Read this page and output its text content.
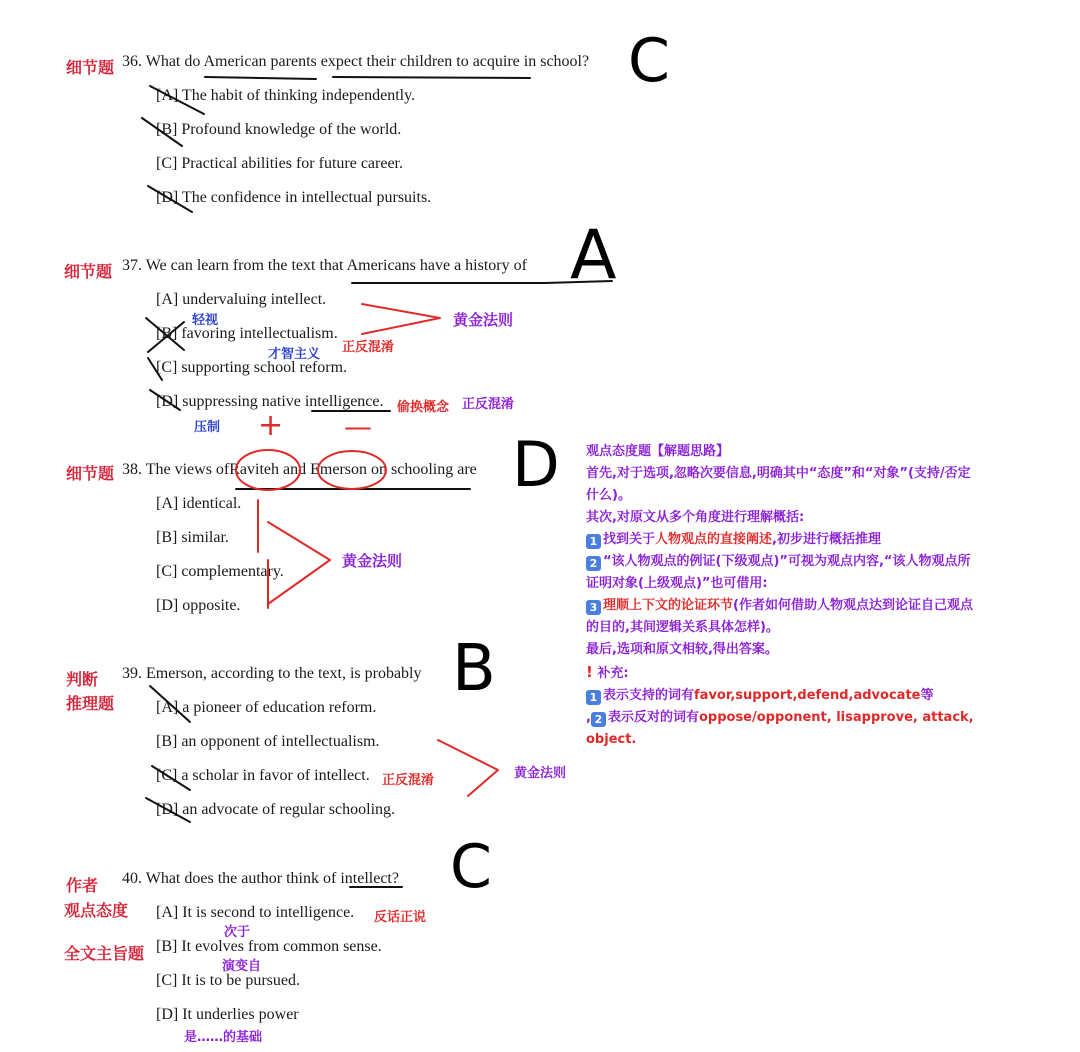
细节题 36. What do American parents expect their children to acquire in school? C
[A] The habit of thinking independently.
[B] Profound knowledge of the world.
[C] Practical abilities for future career.
[D] The confidence in intellectual pursuits.
细节题 37. We can learn from the text that Americans have a history of A
[A] undervaluing intellect.
[B] favoring intellectualism.
[C] supporting school reform.
[D] suppressing native intelligence.
轻视
才智主义 正反混淆
黄金法则
偷换概念 正反混淆
压制
细节题 38. The views ofRaviteh and Emerson on schooling are D
+ —
[A] identical.
[B] similar.
[C] complementary.
[D] opposite.
黄金法则
判断
推理题
39. Emerson, according to the text, is probably B
[A] a pioneer of education reform.
[B] an opponent of intellectualism.
[C] a scholar in favor of intellect.
[D] an advocate of regular schooling.
正反混淆	黄金法则
作者
观点态度
全文主旨题
40. What does the author think of intellect? C
[A] It is second to intelligence.
[B] It evolves from common sense.
[C] It is to be pursued.
[D] It underlies power
反话正说
次于
演变自
是……的基础
观点态度题【解题思路】
首先,对于选项,忽略次要信息,明确其中“态度”和“对象”(支持/否定
什么)。
其次,对原文从多个角度进行理解概括:
1 找到关于人物观点的直接阐述,初步进行概括推理
2 “该人物观点的例证(下级观点)”可视为观点内容,“该人物观点所
证明对象(上级观点)”也可借用:
3 理顺上下文的论证环节(作者如何借助人物观点达到论证自己观点
的目的,其间逻辑关系具体怎样)。
最后,选项和原文相较,得出答案。
! 补充:
1 表示支持的词有favor,support,defend,advocate等
, 2 表示反对的词有oppose/opponent, lisapprove, attack,
object.
